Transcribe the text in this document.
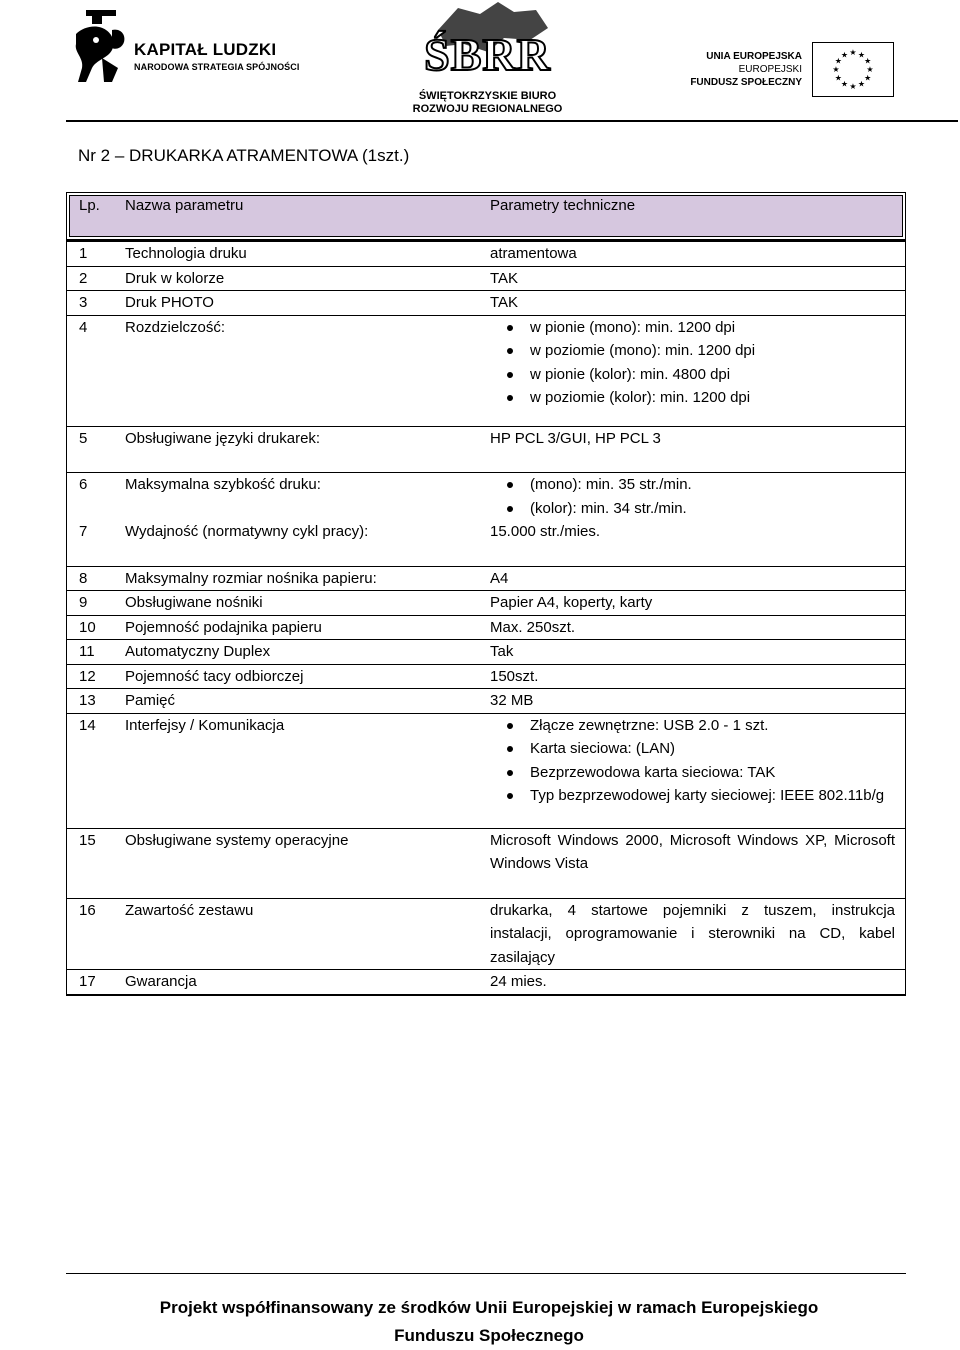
KAPITAŁ LUDZKI
NARODOWA STRATEGIA SPÓJNOŚCI	ŚBRR
ŚWIĘTOKRZYSKIE BIURO
ROZWOJU REGIONALNEGO
UNIA EUROPEJSKA
EUROPEJSKI
FUNDUSZ SPOŁECZNY
★ ★
★
★
★
★
★
★
★
★
★
★
Nr 2 – DRUKARKA ATRAMENTOWA (1szt.)
Lp. Nazwa parametru	Parametry techniczne
1	Technologia druku	atramentowa
2	Druk w kolorze	TAK
3	Druk PHOTO	TAK
4	Rozdzielczość:	w pionie (mono): min. 1200 dpi
w poziomie (mono): min. 1200 dpi
w pionie (kolor): min. 4800 dpi
w poziomie (kolor): min. 1200 dpi
5	Obsługiwane języki drukarek:	HP PCL 3/GUI, HP PCL 3
6	Maksymalna szybkość druku:	(mono): min. 35 str./min.
(kolor): min. 34 str./min.
7	Wydajność (normatywny cykl pracy):	15.000 str./mies.
8	Maksymalny rozmiar nośnika papieru:	A4
9	Obsługiwane nośniki	Papier A4, koperty, karty
10 Pojemność podajnika papieru	Max. 250szt.
11 Automatyczny Duplex	Tak
12 Pojemność tacy odbiorczej	150szt.
13 Pamięć	32 MB
14 Interfejsy / Komunikacja	Złącze zewnętrzne: USB 2.0 - 1 szt.
Karta sieciowa: (LAN)
Bezprzewodowa karta sieciowa: TAK
Typ bezprzewodowej karty sieciowej: IEEE 802.11b/g
15 Obsługiwane systemy operacyjne	Microsoft Windows 2000, Microsoft Windows XP, Microsoft Windows Vista
16 Zawartość zestawu	drukarka, 4 startowe pojemniki z tuszem, instrukcja instalacji, oprogramowanie i sterowniki na CD, kabel zasilający
17 Gwarancja	24 mies.
Projekt współfinansowany ze środków Unii Europejskiej w ramach Europejskiego
Funduszu Społecznego
